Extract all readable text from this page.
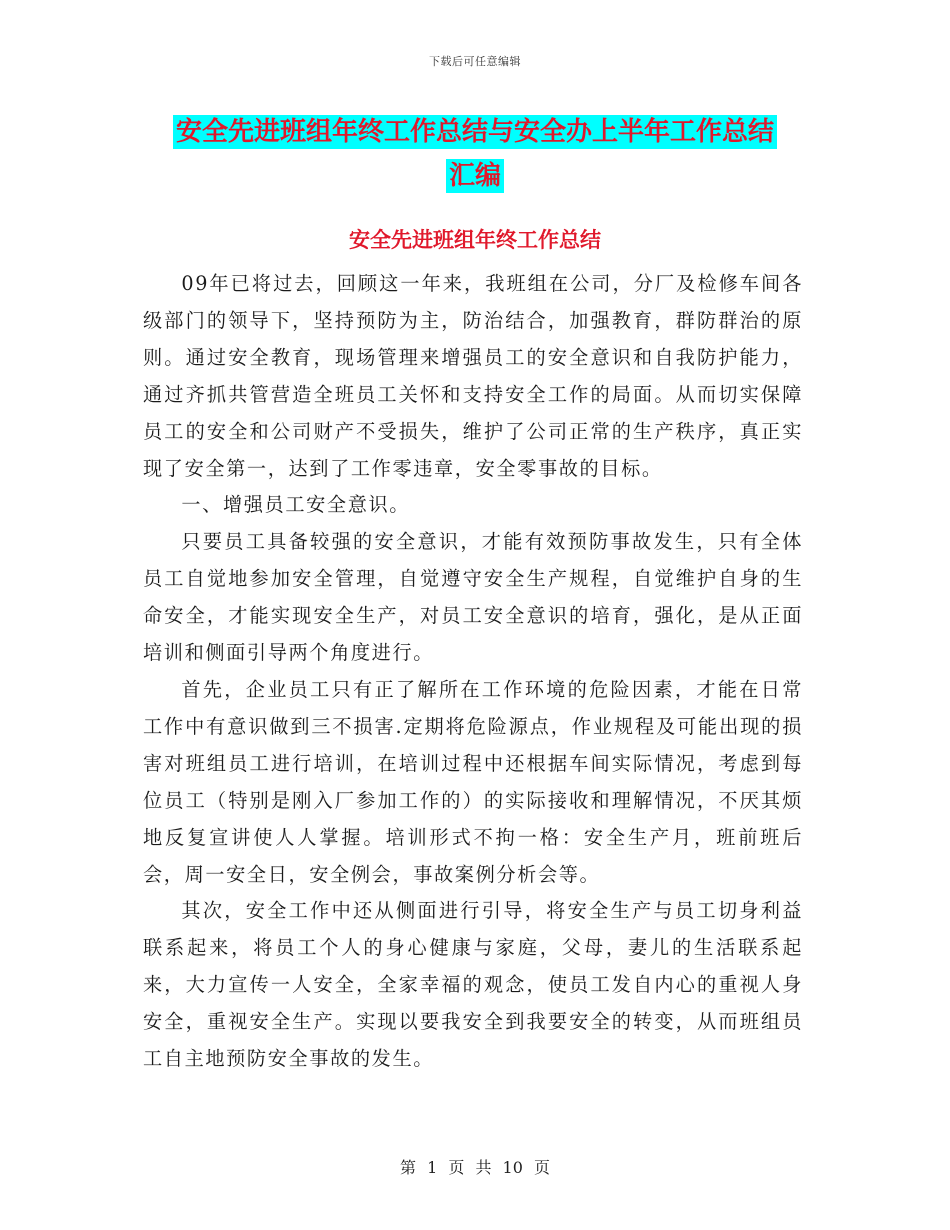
下载后可任意编辑
安全先进班组年终工作总结与安全办上半年工作总结
汇编
安全先进班组年终工作总结

09年已将过去，回顾这一年来，我班组在公司，分厂及检修车间各级部门的领导下，坚持预防为主，防治结合，加强教育，群防群治的原则。通过安全教育，现场管理来增强员工的安全意识和自我防护能力，通过齐抓共管营造全班员工关怀和支持安全工作的局面。从而切实保障员工的安全和公司财产不受损失，维护了公司正常的生产秩序，真正实现了安全第一，达到了工作零违章，安全零事故的目标。

一、增强员工安全意识。

只要员工具备较强的安全意识，才能有效预防事故发生，只有全体员工自觉地参加安全管理，自觉遵守安全生产规程，自觉维护自身的生命安全，才能实现安全生产，对员工安全意识的培育，强化，是从正面培训和侧面引导两个角度进行。

首先，企业员工只有正了解所在工作环境的危险因素，才能在日常工作中有意识做到三不损害.定期将危险源点，作业规程及可能出现的损害对班组员工进行培训，在培训过程中还根据车间实际情况，考虑到每位员工（特别是刚入厂参加工作的）的实际接收和理解情况，不厌其烦地反复宣讲使人人掌握。培训形式不拘一格：安全生产月，班前班后会，周一安全日，安全例会，事故案例分析会等。

其次，安全工作中还从侧面进行引导，将安全生产与员工切身利益联系起来，将员工个人的身心健康与家庭，父母，妻儿的生活联系起来，大力宣传一人安全，全家幸福的观念，使员工发自内心的重视人身安全，重视安全生产。实现以要我安全到我要安全的转变，从而班组员工自主地预防安全事故的发生。

第 1 页 共 10 页
